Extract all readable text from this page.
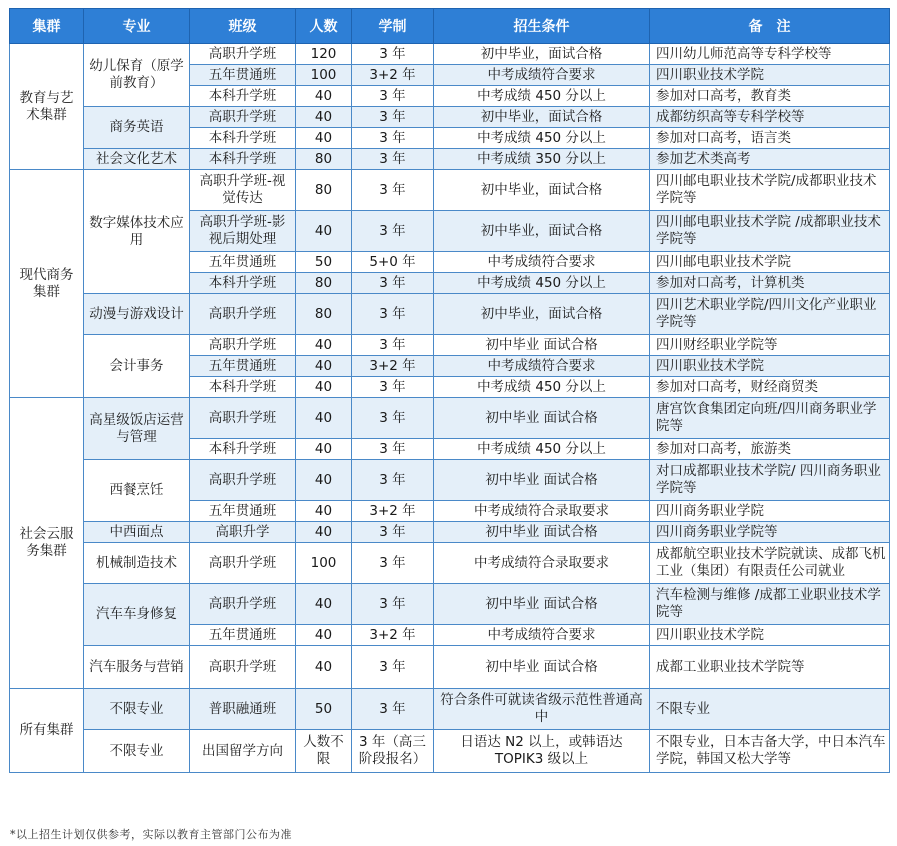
集群	专业	班级	人数	学制	招生条件	备　注
教育与艺术集群	幼儿保育（原学前教育）	高职升学班	120	3 年	初中毕业，面试合格	四川幼儿师范高等专科学校等
		五年贯通班	100	3+2 年	中考成绩符合要求	四川职业技术学院
		本科升学班	40	3 年	中考成绩 450 分以上	参加对口高考，教育类
	商务英语	高职升学班	40	3 年	初中毕业，面试合格	成都纺织高等专科学校等
		本科升学班	40	3 年	中考成绩 450 分以上	参加对口高考，语言类
	社会文化艺术	本科升学班	80	3 年	中考成绩 350 分以上	参加艺术类高考
现代商务集群	数字媒体技术应用	高职升学班-视觉传达	80	3 年	初中毕业，面试合格	四川邮电职业技术学院/成都职业技术学院等
		高职升学班-影视后期处理	40	3 年	初中毕业，面试合格	四川邮电职业技术学院 /成都职业技术学院等
		五年贯通班	50	5+0 年	中考成绩符合要求	四川邮电职业技术学院
		本科升学班	80	3 年	中考成绩 450 分以上	参加对口高考，计算机类
	动漫与游戏设计	高职升学班	80	3 年	初中毕业，面试合格	四川艺术职业学院/四川文化产业职业学院等
	会计事务	高职升学班	40	3 年	初中毕业 面试合格	四川财经职业学院等
		五年贯通班	40	3+2 年	中考成绩符合要求	四川职业技术学院
		本科升学班	40	3 年	中考成绩 450 分以上	参加对口高考，财经商贸类
社会云服务集群	高星级饭店运营与管理	高职升学班	40	3 年	初中毕业 面试合格	唐宫饮食集团定向班/四川商务职业学院等
		本科升学班	40	3 年	中考成绩 450 分以上	参加对口高考，旅游类
	西餐烹饪	高职升学班	40	3 年	初中毕业 面试合格	对口成都职业技术学院/ 四川商务职业学院等
		五年贯通班	40	3+2 年	中考成绩符合录取要求	四川商务职业学院
	中西面点	高职升学	40	3 年	初中毕业 面试合格	四川商务职业学院等
	机械制造技术	高职升学班	100	3 年	中考成绩符合录取要求	成都航空职业技术学院就读、成都飞机工业（集团）有限责任公司就业
	汽车车身修复	高职升学班	40	3 年	初中毕业 面试合格	汽车检测与维修 /成都工业职业技术学院等
		五年贯通班	40	3+2 年	中考成绩符合要求	四川职业技术学院
	汽车服务与营销	高职升学班	40	3 年	初中毕业 面试合格	成都工业职业技术学院等
所有集群	不限专业	普职融通班	50	3 年	符合条件可就读省级示范性普通高中	不限专业
	不限专业	出国留学方向	人数不限	3 年（高三阶段报名）	日语达 N2 以上，或韩语达 TOPIK3 级以上	不限专业，日本吉备大学，中日本汽车学院，韩国又松大学等
*以上招生计划仅供参考，实际以教育主管部门公布为准
